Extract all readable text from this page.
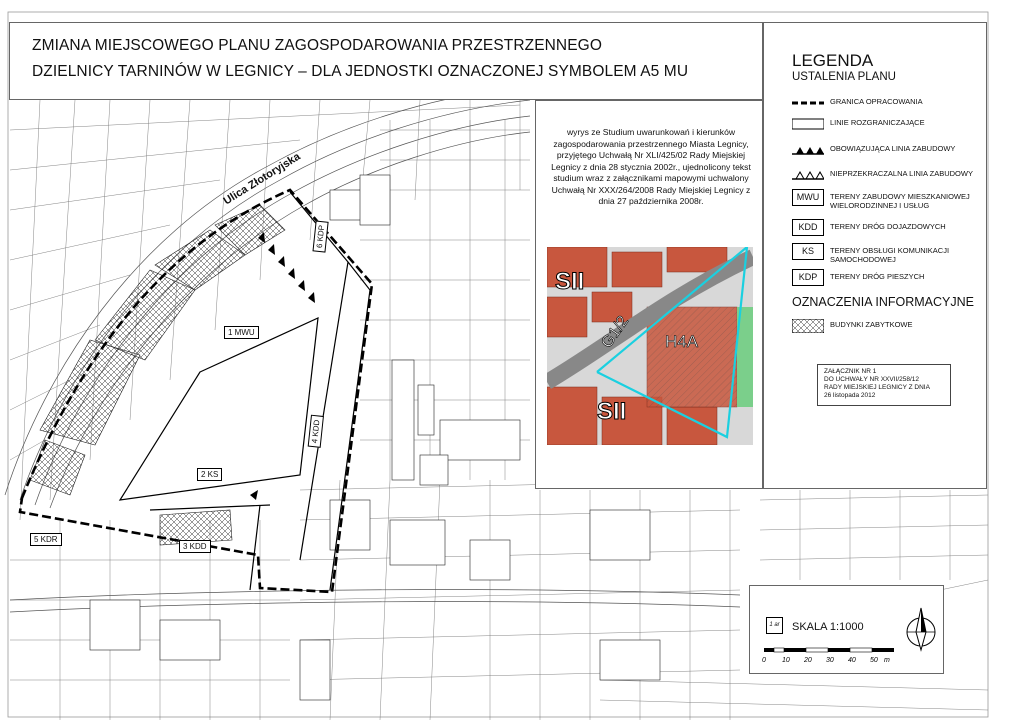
Ulica Złotoryjska
1 MWU
2 KS
3 KDD
4 KDD
5 KDR
6 KDP
ZMIANA MIEJSCOWEGO PLANU ZAGOSPODAROWANIA PRZESTRZENNEGO
DZIELNICY TARNINÓW W LEGNICY – DLA JEDNOSTKI OZNACZONEJ SYMBOLEM A5 MU
wyrys ze Studium uwarunkowań i kierunków zagospodarowania przestrzennego Miasta Legnicy, przyjętego Uchwałą Nr XLI/425/02 Rady Miejskiej Legnicy z dnia 28 stycznia 2002r., ujednolicony tekst studium wraz z załącznikami mapowymi uchwalony Uchwałą Nr XXX/264/2008 Rady Miejskiej Legnicy z dnia 27 października 2008r.
SII
SII
G1/2 H4A
LEGENDA
USTALENIA PLANU
GRANICA OPRACOWANIA
LINIE ROZGRANICZAJĄCE
OBOWIĄZUJĄCA LINIA ZABUDOWY
NIEPRZEKRACZALNA LINIA ZABUDOWY
MWU	TERENY ZABUDOWY MIESZKANIOWEJ WIELORODZINNEJ I USŁUG
KDD	TERENY DRÓG DOJAZDOWYCH
KS	TERENY OBSŁUGI KOMUNIKACJI SAMOCHODOWEJ
KDP	TERENY DRÓG PIESZYCH
OZNACZENIA INFORMACYJNE
BUDYNKI ZABYTKOWE
ZAŁĄCZNIK NR 1
DO UCHWAŁY NR XXVII/258/12
RADY MIEJSKIEJ LEGNICY Z DNIA
26 listopada 2012
1 ar	SKALA 1:1000
0 10 20 30 40 50 m
